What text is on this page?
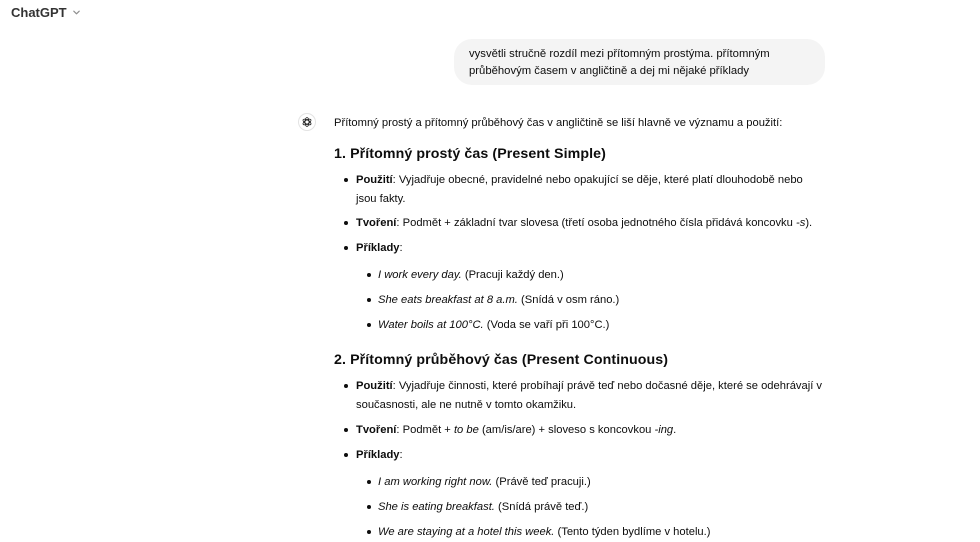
ChatGPT
vysvětli stručně rozdíl mezi přítomným prostýma. přítomným
průběhovým časem v angličtině a dej mi nějaké příklady
Přítomný prostý a přítomný průběhový čas v angličtině se liší hlavně ve významu a použití:
1. Přítomný prostý čas (Present Simple)
Použití: Vyjadřuje obecné, pravidelné nebo opakující se děje, které platí dlouhodobě nebo
jsou fakty.
Tvoření: Podmět + základní tvar slovesa (třetí osoba jednotného čísla přidává koncovku -s).
Příklady:
I work every day. (Pracuji každý den.)
She eats breakfast at 8 a.m. (Snídá v osm ráno.)
Water boils at 100°C. (Voda se vaří při 100°C.)
2. Přítomný průběhový čas (Present Continuous)
Použití: Vyjadřuje činnosti, které probíhají právě teď nebo dočasné děje, které se odehrávají v
současnosti, ale ne nutně v tomto okamžiku.
Tvoření: Podmět + to be (am/is/are) + sloveso s koncovkou -ing.
Příklady:
I am working right now. (Právě teď pracuji.)
She is eating breakfast. (Snídá právě teď.)
We are staying at a hotel this week. (Tento týden bydlíme v hotelu.)
